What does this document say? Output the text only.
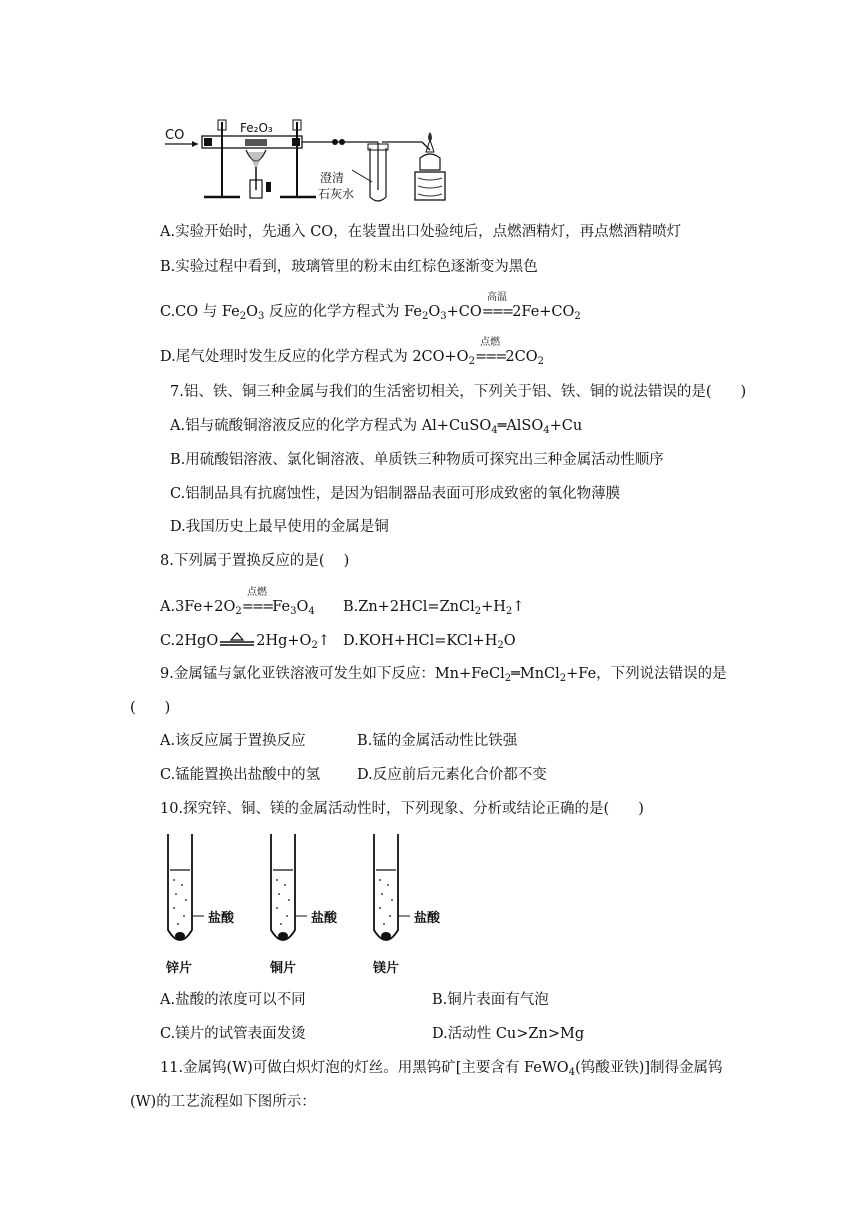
CO	Fe₂O₃
澄清
石灰水
A.实验开始时，先通入 CO，在装置出口处验纯后，点燃酒精灯，再点燃酒精喷灯
B.实验过程中看到，玻璃管里的粉末由红棕色逐渐变为黑色
C.CO 与 $Fe_2O_3$ 反应的化学方程式为 $Fe_2O_3+CO$
高温
$===2Fe+CO_2$
D.尾气处理时发生反应的化学方程式为 $2CO+O_2$
点燃
$===2CO_2$
7.铝、铁、铜三种金属与我们的生活密切相关，下列关于铝、铁、铜的说法错误的是(　　)
A.铝与硫酸铜溶液反应的化学方程式为 Al+CuSO$_4$═AlSO$_4$+Cu
B.用硫酸铝溶液、氯化铜溶液、单质铁三种物质可探究出三种金属活动性顺序
C.铝制品具有抗腐蚀性，是因为铝制器品表面可形成致密的氧化物薄膜
D.我国历史上最早使用的金属是铜
8.下列属于置换反应的是(　 )
$A.3Fe+2O_2$
点燃
$===Fe_3O_4$ $B.Zn+2HCl=ZnCl_2+H_2↑$
C.2HgO	$2Hg+O_2↑$ $D.KOH+HCl=KCl+H_2O$
9.金属锰与氯化亚铁溶液可发生如下反应：Mn+FeCl$_2$═MnCl$_2$+Fe，下列说法错误的是
(　　)
A.该反应属于置换反应	B.锰的金属活动性比铁强
C.锰能置换出盐酸中的氢	D.反应前后元素化合价都不变
10.探究锌、铜、镁的金属活动性时，下列现象、分析或结论正确的是(　　)
盐酸
锌片
盐酸
铜片
盐酸
镁片
A.盐酸的浓度可以不同	B.铜片表面有气泡
C.镁片的试管表面发烫	D.活动性 Cu>Zn>Mg
11.金属钨(W)可做白炽灯泡的灯丝。用黑钨矿[主要含有 FeWO$_4$(钨酸亚铁)]制得金属钨
(W)的工艺流程如下图所示：
